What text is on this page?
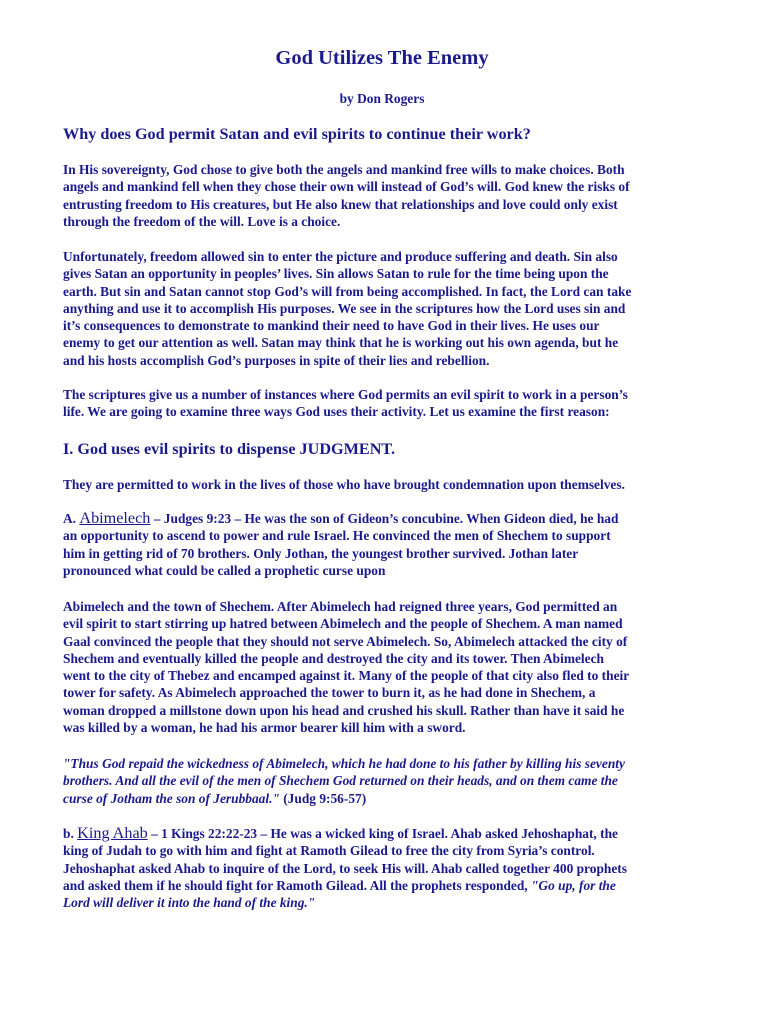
God Utilizes The Enemy

by Don Rogers

Why does God permit Satan and evil spirits to continue their work?

In His sovereignty, God chose to give both the angels and mankind free wills to make choices. Both
angels and mankind fell when they chose their own will instead of God’s will. God knew the risks of
entrusting freedom to His creatures, but He also knew that relationships and love could only exist
through the freedom of the will. Love is a choice.

Unfortunately, freedom allowed sin to enter the picture and produce suffering and death. Sin also
gives Satan an opportunity in peoples’ lives. Sin allows Satan to rule for the time being upon the
earth. But sin and Satan cannot stop God’s will from being accomplished. In fact, the Lord can take
anything and use it to accomplish His purposes. We see in the scriptures how the Lord uses sin and
it’s consequences to demonstrate to mankind their need to have God in their lives. He uses our
enemy to get our attention as well. Satan may think that he is working out his own agenda, but he
and his hosts accomplish God’s purposes in spite of their lies and rebellion.

The scriptures give us a number of instances where God permits an evil spirit to work in a person’s
life. We are going to examine three ways God uses their activity. Let us examine the first reason:

I. God uses evil spirits to dispense JUDGMENT.

They are permitted to work in the lives of those who have brought condemnation upon themselves.

A. Abimelech – Judges 9:23 – He was the son of Gideon’s concubine. When Gideon died, he had
an opportunity to ascend to power and rule Israel. He convinced the men of Shechem to support
him in getting rid of 70 brothers. Only Jothan, the youngest brother survived. Jothan later
pronounced what could be called a prophetic curse upon

Abimelech and the town of Shechem. After Abimelech had reigned three years, God permitted an
evil spirit to start stirring up hatred between Abimelech and the people of Shechem. A man named
Gaal convinced the people that they should not serve Abimelech. So, Abimelech attacked the city of
Shechem and eventually killed the people and destroyed the city and its tower. Then Abimelech
went to the city of Thebez and encamped against it. Many of the people of that city also fled to their
tower for safety. As Abimelech approached the tower to burn it, as he had done in Shechem, a
woman dropped a millstone down upon his head and crushed his skull. Rather than have it said he
was killed by a woman, he had his armor bearer kill him with a sword.

"Thus God repaid the wickedness of Abimelech, which he had done to his father by killing his seventy
brothers. And all the evil of the men of Shechem God returned on their heads, and on them came the
curse of Jotham the son of Jerubbaal." (Judg 9:56-57)

b. King Ahab – 1 Kings 22:22-23 – He was a wicked king of Israel. Ahab asked Jehoshaphat, the
king of Judah to go with him and fight at Ramoth Gilead to free the city from Syria’s control.
Jehoshaphat asked Ahab to inquire of the Lord, to seek His will. Ahab called together 400 prophets
and asked them if he should fight for Ramoth Gilead. All the prophets responded, "Go up, for the
Lord will deliver it into the hand of the king."
